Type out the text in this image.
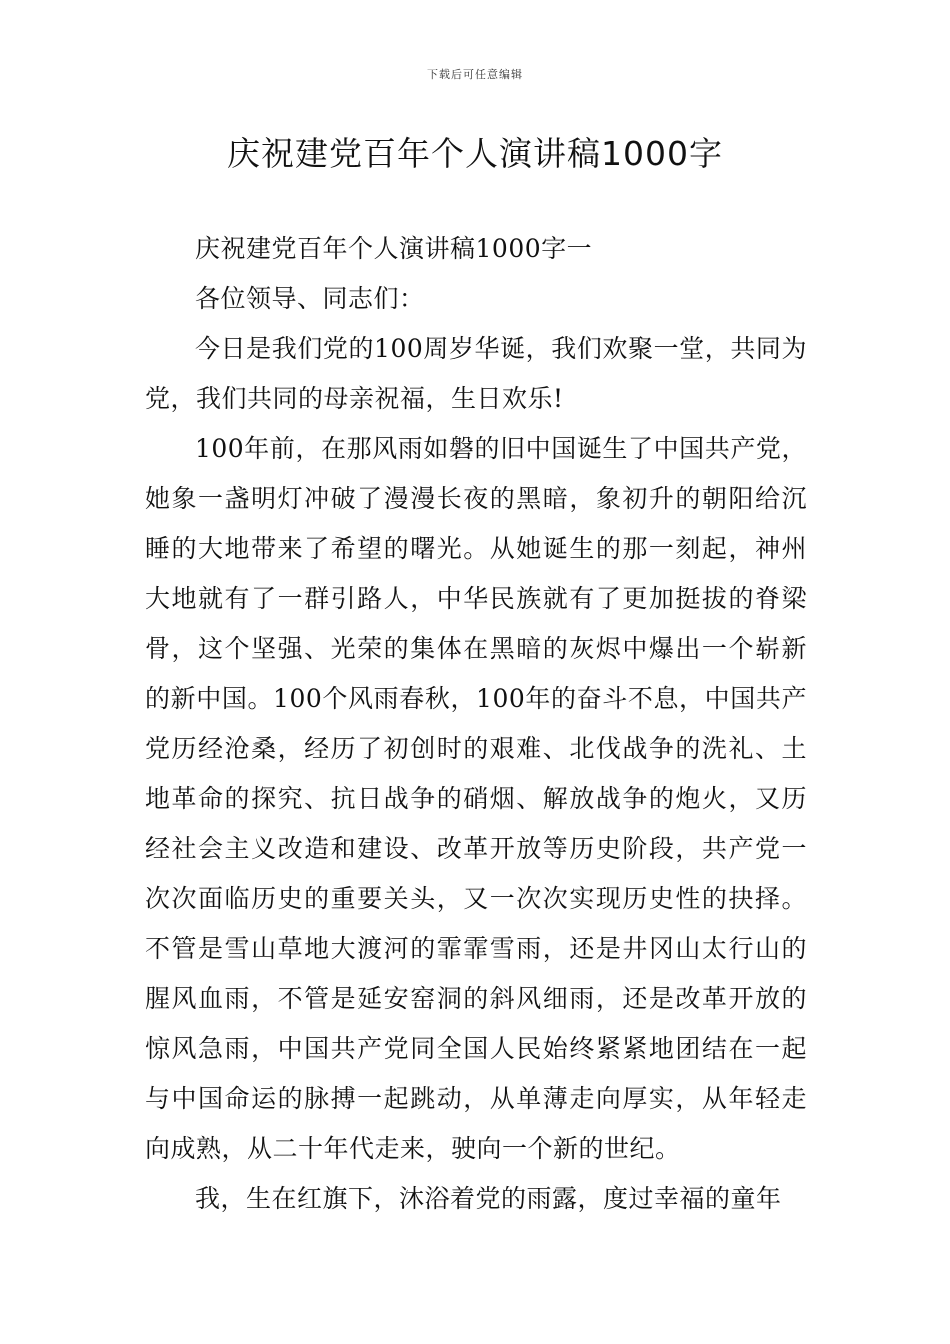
下载后可任意编辑
庆祝建党百年个人演讲稿1000字

庆祝建党百年个人演讲稿1000字一

各位领导、同志们：

今日是我们党的100周岁华诞，我们欢聚一堂，共同为党，我们共同的母亲祝福，生日欢乐!

100年前，在那风雨如磐的旧中国诞生了中国共产党，她象一盏明灯冲破了漫漫长夜的黑暗，象初升的朝阳给沉睡的大地带来了希望的曙光。从她诞生的那一刻起，神州大地就有了一群引路人，中华民族就有了更加挺拔的脊梁骨，这个坚强、光荣的集体在黑暗的灰烬中爆出一个崭新的新中国。100个风雨春秋，100年的奋斗不息，中国共产党历经沧桑，经历了初创时的艰难、北伐战争的洗礼、土地革命的探究、抗日战争的硝烟、解放战争的炮火，又历经社会主义改造和建设、改革开放等历史阶段，共产党一次次面临历史的重要关头，又一次次实现历史性的抉择。不管是雪山草地大渡河的霏霏雪雨，还是井冈山太行山的腥风血雨，不管是延安窑洞的斜风细雨，还是改革开放的惊风急雨，中国共产党同全国人民始终紧紧地团结在一起与中国命运的脉搏一起跳动，从单薄走向厚实，从年轻走向成熟，从二十年代走来，驶向一个新的世纪。

我，生在红旗下，沐浴着党的雨露，度过幸福的童年
